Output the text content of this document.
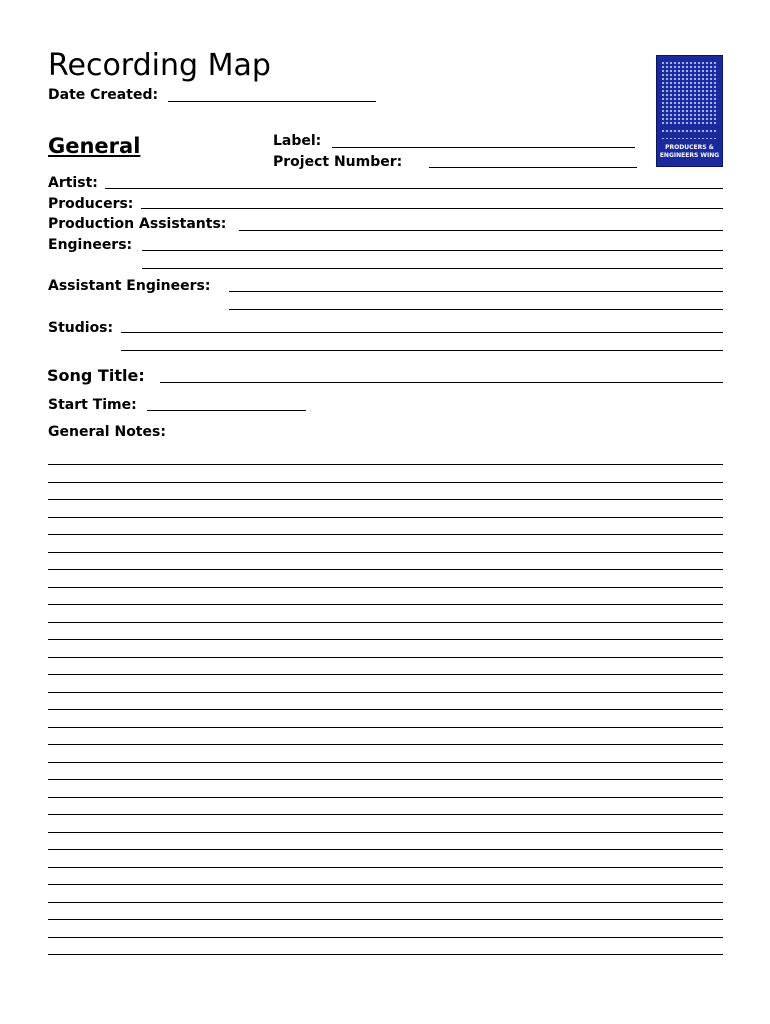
Recording Map
Date Created:
PRODUCERS &
ENGINEERS WING
General	Label:
Project Number:
Artist:
Producers:
Production Assistants:
Engineers:
Assistant Engineers:
Studios:
Song Title:
Start Time:
General Notes:
